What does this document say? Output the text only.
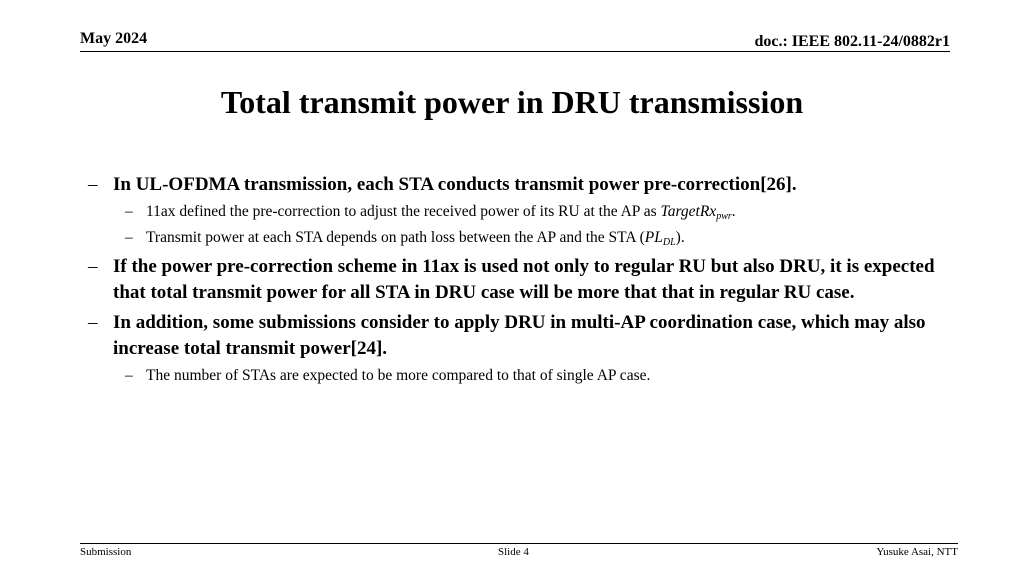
May 2024	doc.: IEEE 802.11-24/0882r1
Total transmit power in DRU transmission
– In UL-OFDMA transmission, each STA conducts transmit power pre-correction[26].
– 11ax defined the pre-correction to adjust the received power of its RU at the AP as TargetRx$_{pwr}$.
– Transmit power at each STA depends on path loss between the AP and the STA $(PL_{DL})$.
– If the power pre-correction scheme in 11ax is used not only to regular RU but also DRU, it is expected that total transmit power for all STA in DRU case will be more that that in regular RU case.
– In addition, some submissions consider to apply DRU in multi-AP coordination case, which may also increase total transmit power[24].
– The number of STAs are expected to be more compared to that of single AP case.
Submission	Slide 4	Yusuke Asai, NTT
